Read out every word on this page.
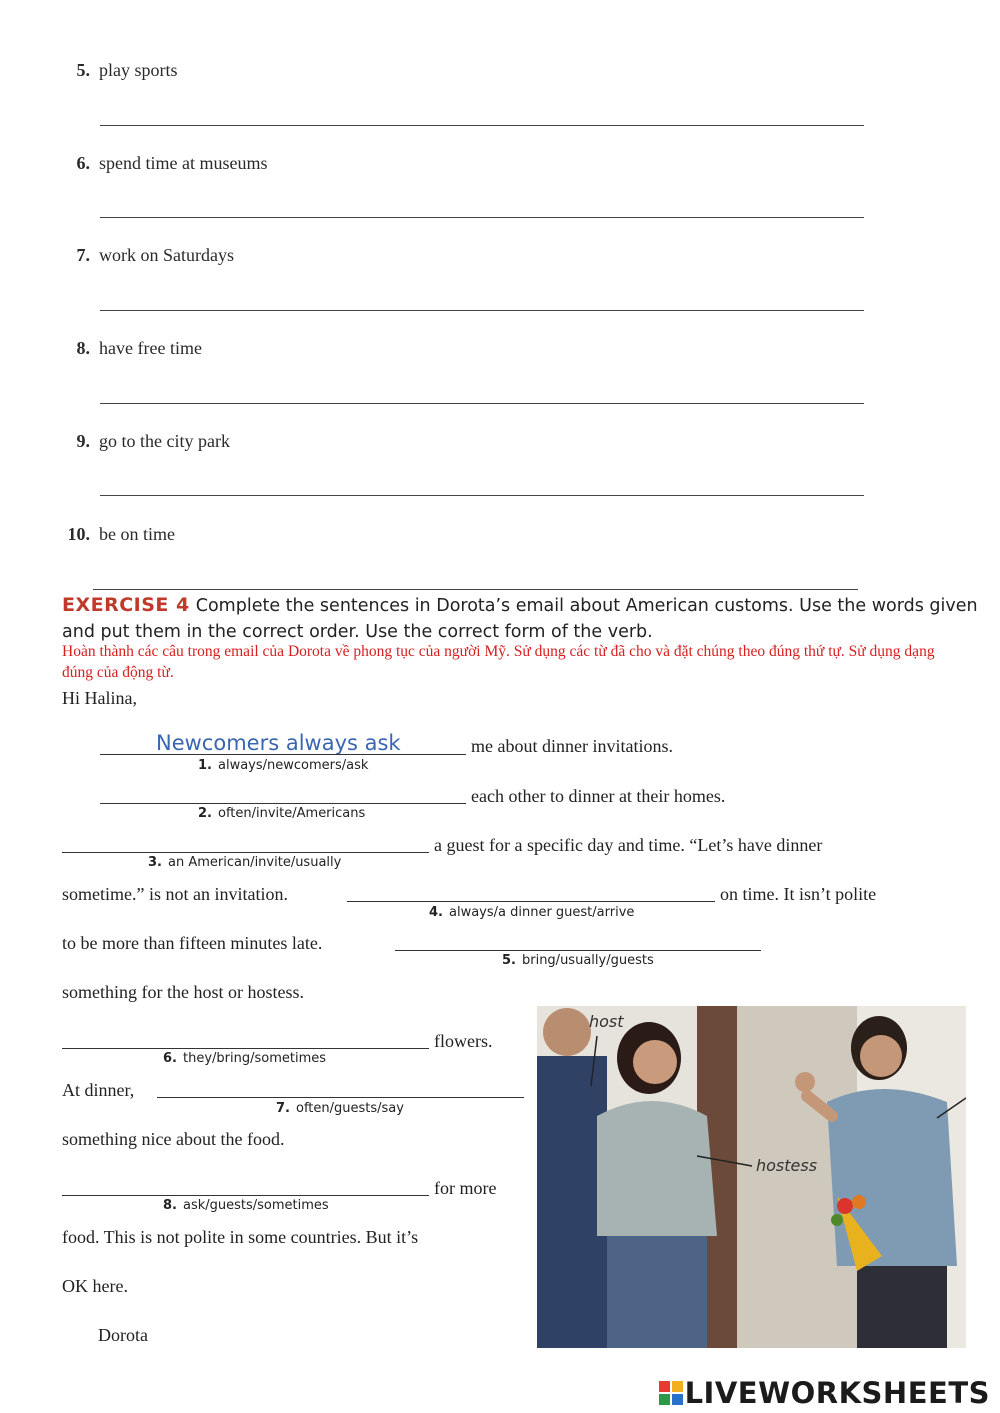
5. play sports
6. spend time at museums
7. work on Saturdays
8. have free time
9. go to the city park
10. be on time
EXERCISE 4 Complete the sentences in Dorota’s email about American customs. Use the words given and put them in the correct order. Use the correct form of the verb.
Hoàn thành các câu trong email của Dorota về phong tục của người Mỹ. Sử dụng các từ đã cho và đặt chúng theo đúng thứ tự. Sử dụng dạng đúng của động từ.
Hi Halina,
Newcomers always ask	me about dinner invitations.
1. always/newcomers/ask
each other to dinner at their homes.
2. often/invite/Americans
a guest for a specific day and time. “Let’s have dinner
3. an American/invite/usually
sometime.” is not an invitation.	on time. It isn’t polite
4. always/a dinner guest/arrive
to be more than fifteen minutes late.
5. bring/usually/guests
something for the host or hostess.
flowers.
6. they/bring/sometimes
At dinner,
7. often/guests/say
something nice about the food.
for more
8. ask/guests/sometimes
food. This is not polite in some countries. But it’s
OK here.
Dorota
host
hostess
LIVEWORKSHEETS
